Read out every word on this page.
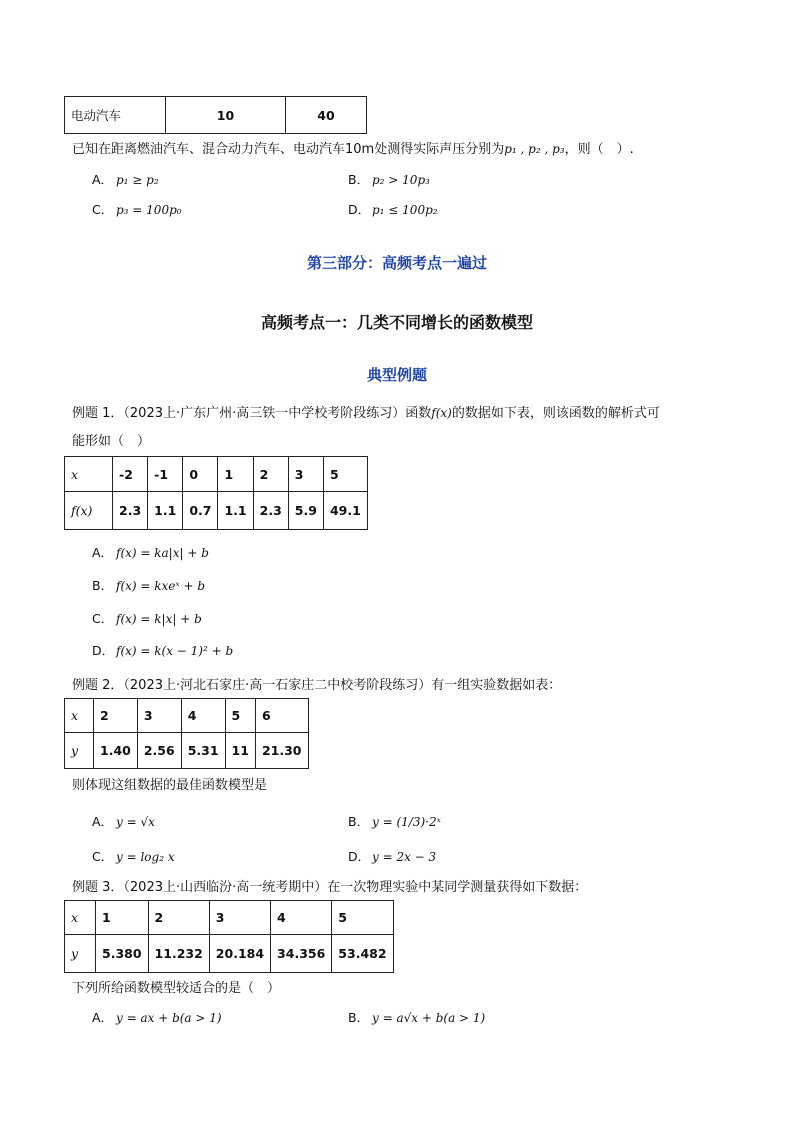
电动汽车	10	40
已知在距离燃油汽车、混合动力汽车、电动汽车10m处测得实际声压分别为p₁ , p₂ , p₃，则（　）.
A． p₁ ≥ p₂	B． p₂ > 10p₃
C． p₃ = 100p₀	D． p₁ ≤ 100p₂
第三部分：高频考点一遍过
高频考点一：几类不同增长的函数模型
典型例题
例题 1．（2023上·广东广州·高三铁一中学校考阶段练习）函数f(x)的数据如下表，则该函数的解析式可
能形如（　）
x	-2	-1	0	1	2	3	5
f(x)	2.3	1.1	0.7	1.1	2.3	5.9	49.1
A． f(x) = ka|x| + b
B． f(x) = kxeˣ + b
C． f(x) = k|x| + b
D． f(x) = k(x − 1)² + b
例题 2．（2023上·河北石家庄·高一石家庄二中校考阶段练习）有一组实验数据如表：
x	2	3	4	5	6
y	1.40	2.56	5.31	11	21.30
则体现这组数据的最佳函数模型是
A． y = √x	B． y = (1/3)·2ˣ
C． y = log₂ x	D． y = 2x − 3
例题 3．（2023上·山西临汾·高一统考期中）在一次物理实验中某同学测量获得如下数据：
x	1	2	3	4	5
y	5.380	11.232	20.184	34.356	53.482
下列所给函数模型较适合的是（　）
A． y = ax + b(a > 1)	B． y = a√x + b(a > 1)
